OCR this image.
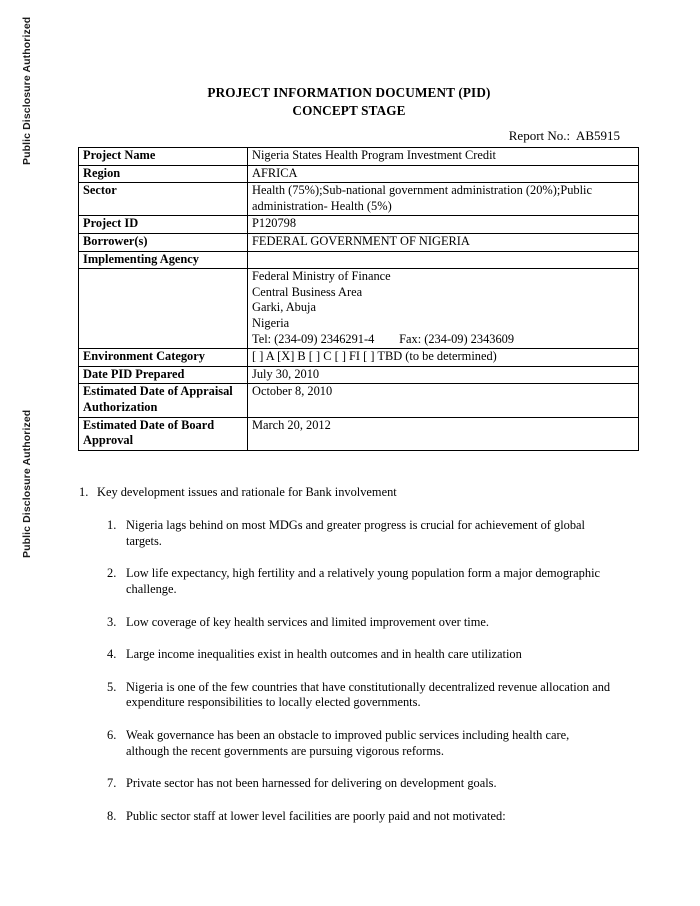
Public Disclosure Authorized
Public Disclosure Authorized
PROJECT INFORMATION DOCUMENT (PID)
CONCEPT STAGE
Report No.:  AB5915
Project Name	Nigeria States Health Program Investment Credit
Region	AFRICA
Sector	Health (75%);Sub-national government administration (20%);Public administration- Health (5%)
Project ID	P120798
Borrower(s)	FEDERAL GOVERNMENT OF NIGERIA
Implementing Agency	

	Federal Ministry of Finance
Central Business Area
Garki, Abuja
Nigeria
Tel: (234-09) 2346291-4        Fax: (234-09) 2343609

Environment Category	[ ] A [X] B [ ] C [ ] FI [ ] TBD (to be determined)
Date PID Prepared	July 30, 2010
Estimated Date of Appraisal Authorization	October 8, 2010
Estimated Date of Board Approval	March 20, 2012
1. Key development issues and rationale for Bank involvement
1. Nigeria lags behind on most MDGs and greater progress is crucial for achievement of global targets.
2. Low life expectancy, high fertility and a relatively young population form a major demographic challenge.
3. Low coverage of key health services and limited improvement over time.
4. Large income inequalities exist in health outcomes and in health care utilization
5. Nigeria is one of the few countries that have constitutionally decentralized revenue allocation and expenditure responsibilities to locally elected governments.
6. Weak governance has been an obstacle to improved public services including health care, although the recent governments are pursuing vigorous reforms.
7. Private sector has not been harnessed for delivering on development goals.
8. Public sector staff at lower level facilities are poorly paid and not motivated:
